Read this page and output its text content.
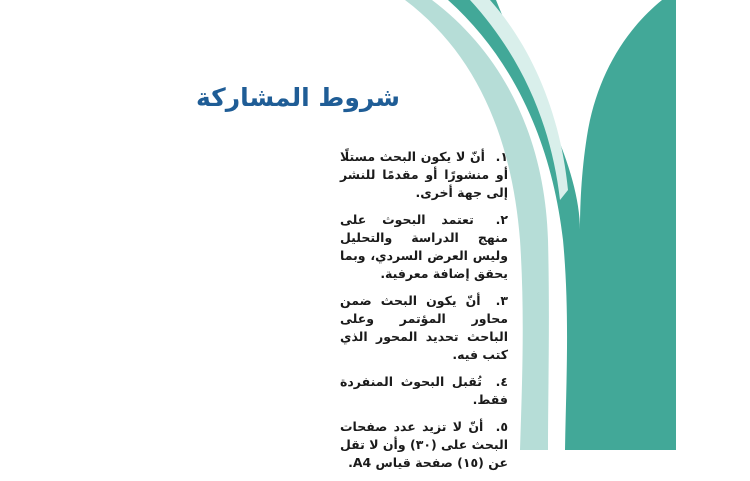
شروط المشاركة
١. أنّ لا يكون البحث مستلًا أو منشورًا أو مقدمًا للنشر إلى جهة أخرى.
٢. تعتمد البحوث على منهج الدراسة والتحليل وليس العرض السردي، وبما يحقق إضافة معرفية.
٣. أنّ يكون البحث ضمن محاور المؤتمر وعلى الباحث تحديد المحور الذي كتب فيه.
٤. تُقبل البحوث المنفردة فقط.
٥. أنّ لا تزيد عدد صفحات البحث على (٣٠) وأن لا تقل عن (١٥) صفحة قياس A4.
